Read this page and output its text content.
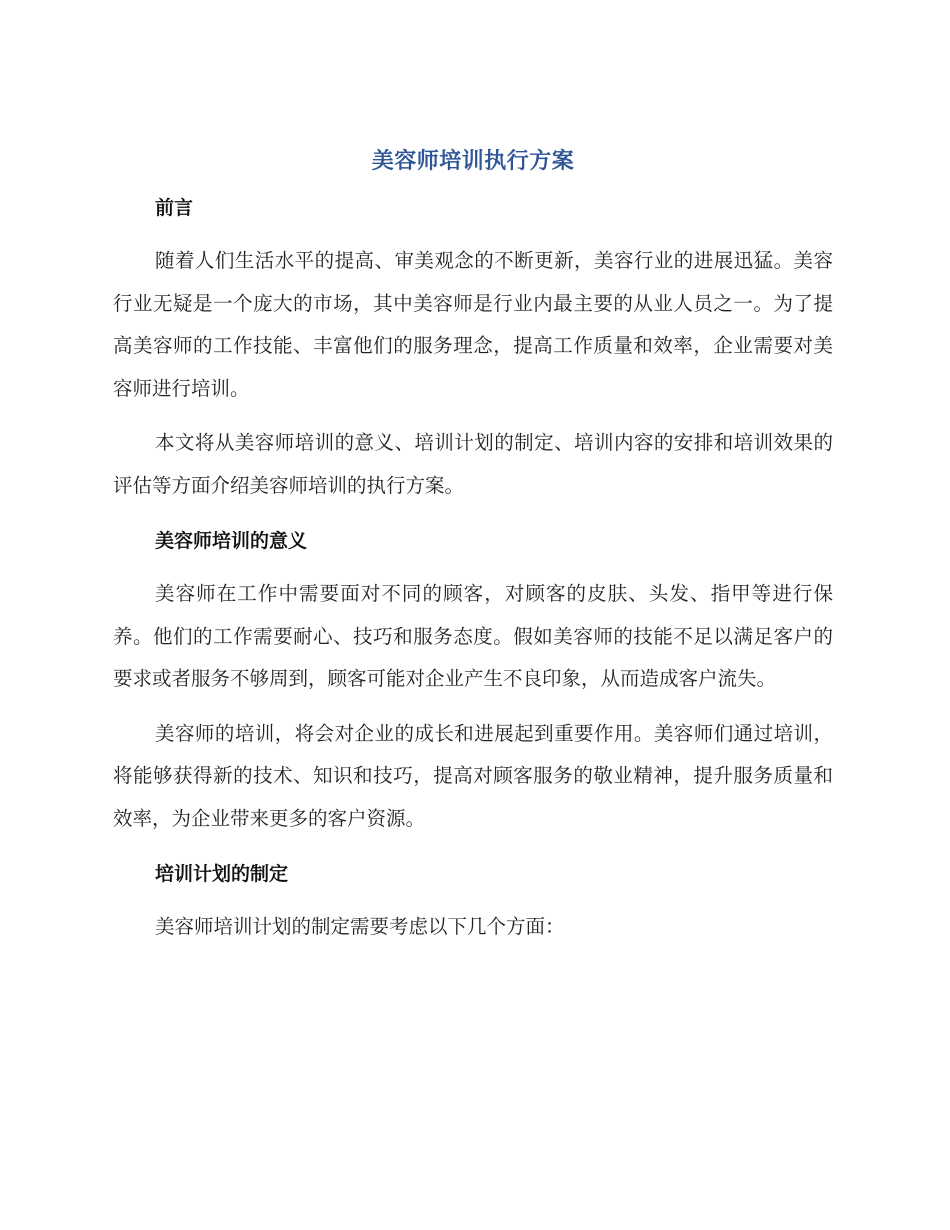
美容师培训执行方案
前言

随着人们生活水平的提高、审美观念的不断更新，美容行业的进展迅猛。美容行业无疑是一个庞大的市场，其中美容师是行业内最主要的从业人员之一。为了提高美容师的工作技能、丰富他们的服务理念，提高工作质量和效率，企业需要对美容师进行培训。

本文将从美容师培训的意义、培训计划的制定、培训内容的安排和培训效果的评估等方面介绍美容师培训的执行方案。

美容师培训的意义

美容师在工作中需要面对不同的顾客，对顾客的皮肤、头发、指甲等进行保养。他们的工作需要耐心、技巧和服务态度。假如美容师的技能不足以满足客户的要求或者服务不够周到，顾客可能对企业产生不良印象，从而造成客户流失。

美容师的培训，将会对企业的成长和进展起到重要作用。美容师们通过培训，将能够获得新的技术、知识和技巧，提高对顾客服务的敬业精神，提升服务质量和效率，为企业带来更多的客户资源。

培训计划的制定

美容师培训计划的制定需要考虑以下几个方面：
